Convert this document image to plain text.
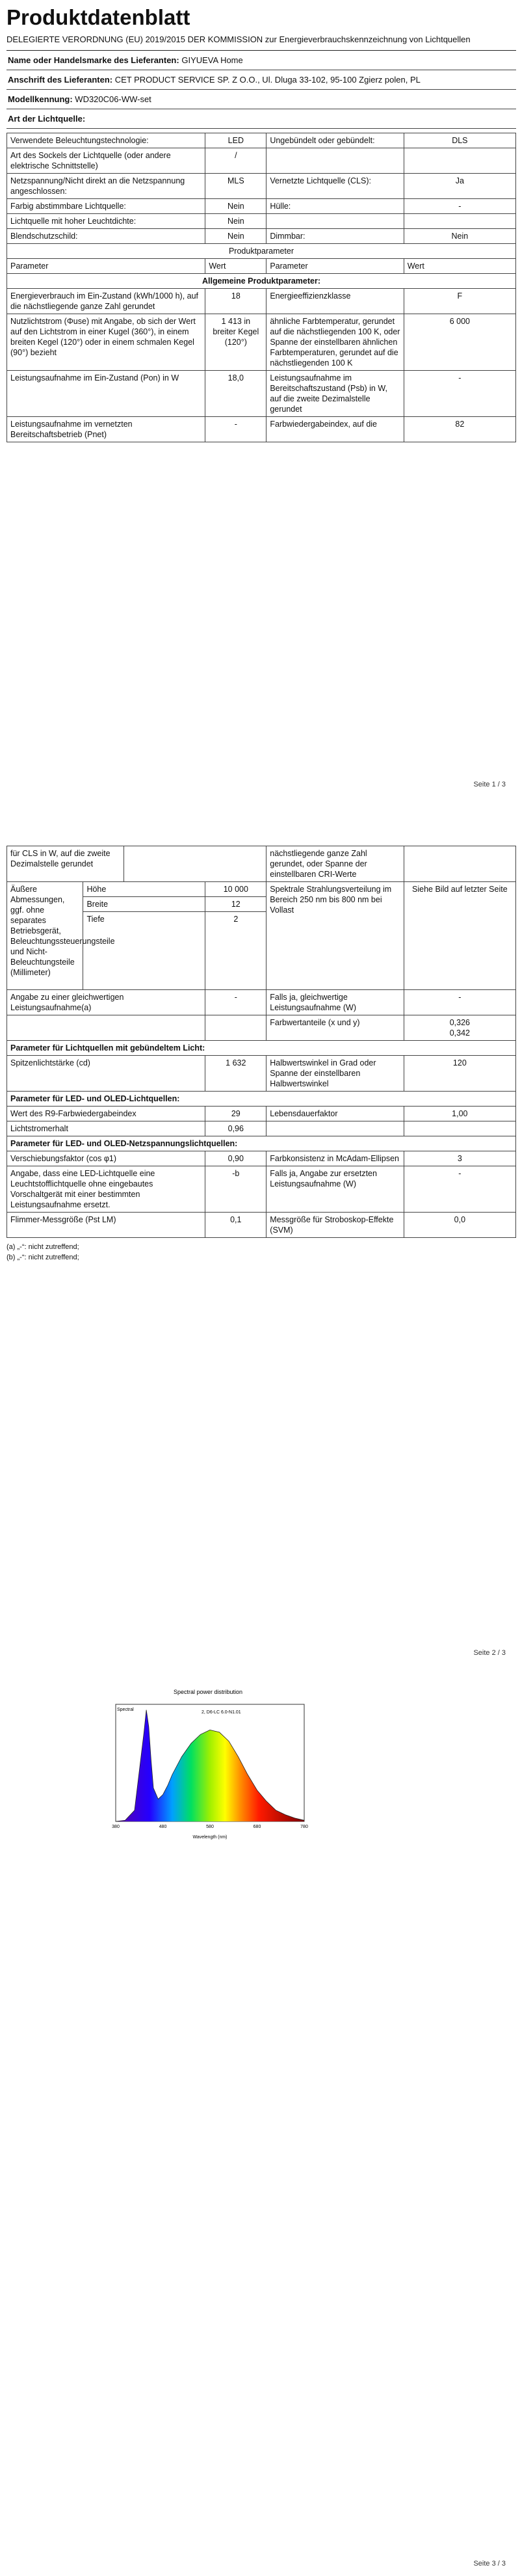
Produktdatenblatt
DELEGIERTE VERORDNUNG (EU) 2019/2015 DER KOMMISSION zur Energieverbrauchskennzeichnung von Lichtquellen
Name oder Handelsmarke des Lieferanten: GIYUEVA Home
Anschrift des Lieferanten: CET PRODUCT SERVICE SP. Z O.O., Ul. Dluga 33-102, 95-100 Zgierz polen, PL
Modellkennung: WD320C06-WW-set
Art der Lichtquelle:
Verwendete Beleuchtungstechnologie:	LED	Ungebündelt oder gebündelt:	DLS
Art des Sockels der Lichtquelle (oder andere elektrische Schnittstelle)	/		
Netzspannung/Nicht direkt an die Netzspannung angeschlossen:	MLS	Vernetzte Lichtquelle (CLS):	Ja
Farbig abstimmbare Lichtquelle:	Nein	Hülle:	-
Lichtquelle mit hoher Leuchtdichte:	Nein		
Blendschutzschild:	Nein	Dimmbar:	Nein
Produktparameter			
Parameter	Wert	Parameter	Wert
Allgemeine Produktparameter:			
Energieverbrauch im Ein-Zustand (kWh/1000 h), auf die nächstliegende ganze Zahl gerundet	18	Energieeffizienzklasse	F
Nutzlichtstrom (Φuse) mit Angabe, ob sich der Wert auf den Lichtstrom in einer Kugel (360°), in einem breiten Kegel (120°) oder in einem schmalen Kegel (90°) bezieht	1 413 in breiter Kegel (120°)	ähnliche Farbtemperatur, gerundet auf die nächstliegenden 100 K, oder Spanne der einstellbaren ähnlichen Farbtemperaturen, gerundet auf die nächstliegenden 100 K	6 000
Leistungsaufnahme im Ein-Zustand (Pon) in W	18,0	Leistungsaufnahme im Bereitschaftszustand (Psb) in W, auf die zweite Dezimalstelle gerundet	-
Leistungsaufnahme im vernetzten Bereitschaftsbetrieb (Pnet)	-	Farbwiedergabeindex, auf die	82
Seite 1 / 3
für CLS in W, auf die zweite Dezimalstelle gerundet				nächstliegende ganze Zahl gerundet, oder Spanne der einstellbaren CRI-Werte	
Äußere Abmessungen, ggf. ohne separates Betriebsgerät, Beleuchtungssteuerungsteile und Nicht-Beleuchtungsteile (Millimeter)	Höhe		10 000	Spektrale Strahlungsverteilung im Bereich 250 nm bis 800 nm bei Vollast	Siehe Bild auf letzter Seite
	Breite		12		
	Tiefe		2		
Angabe zu einer gleichwertigen Leistungsaufnahme(a)			-	Falls ja, gleichwertige Leistungsaufnahme (W)	-
				Farbwertanteile (x und y)	0,326
0,342
Parameter für Lichtquellen mit gebündeltem Licht:					
Spitzenlichtstärke (cd)			1 632	Halbwertswinkel in Grad oder Spanne der einstellbaren Halbwertswinkel	120
Parameter für LED- und OLED-Lichtquellen:					
Wert des R9-Farbwiedergabeindex			29	Lebensdauerfaktor	1,00
Lichtstromerhalt			0,96		
Parameter für LED- und OLED-Netzspannungslichtquellen:					
Verschiebungsfaktor (cos φ1)			0,90	Farbkonsistenz in McAdam-Ellipsen	3
Angabe, dass eine LED-Lichtquelle eine Leuchtstofflichtquelle ohne eingebautes Vorschaltgerät mit einer bestimmten Leistungsaufnahme ersetzt.			-b	Falls ja, Angabe zur ersetzten Leistungsaufnahme (W)	-
Flimmer-Messgröße (Pst LM)			0,1	Messgröße für Stroboskop-Effekte (SVM)	0,0
(a) „-“: nicht zutreffend;
(b) „-“: nicht zutreffend;
Seite 2 / 3
Spectral power distribution
Spectral
2, D6-LC 6.0-N1.01
380	480	580	680	780
Wavelength (nm)
Seite 3 / 3
